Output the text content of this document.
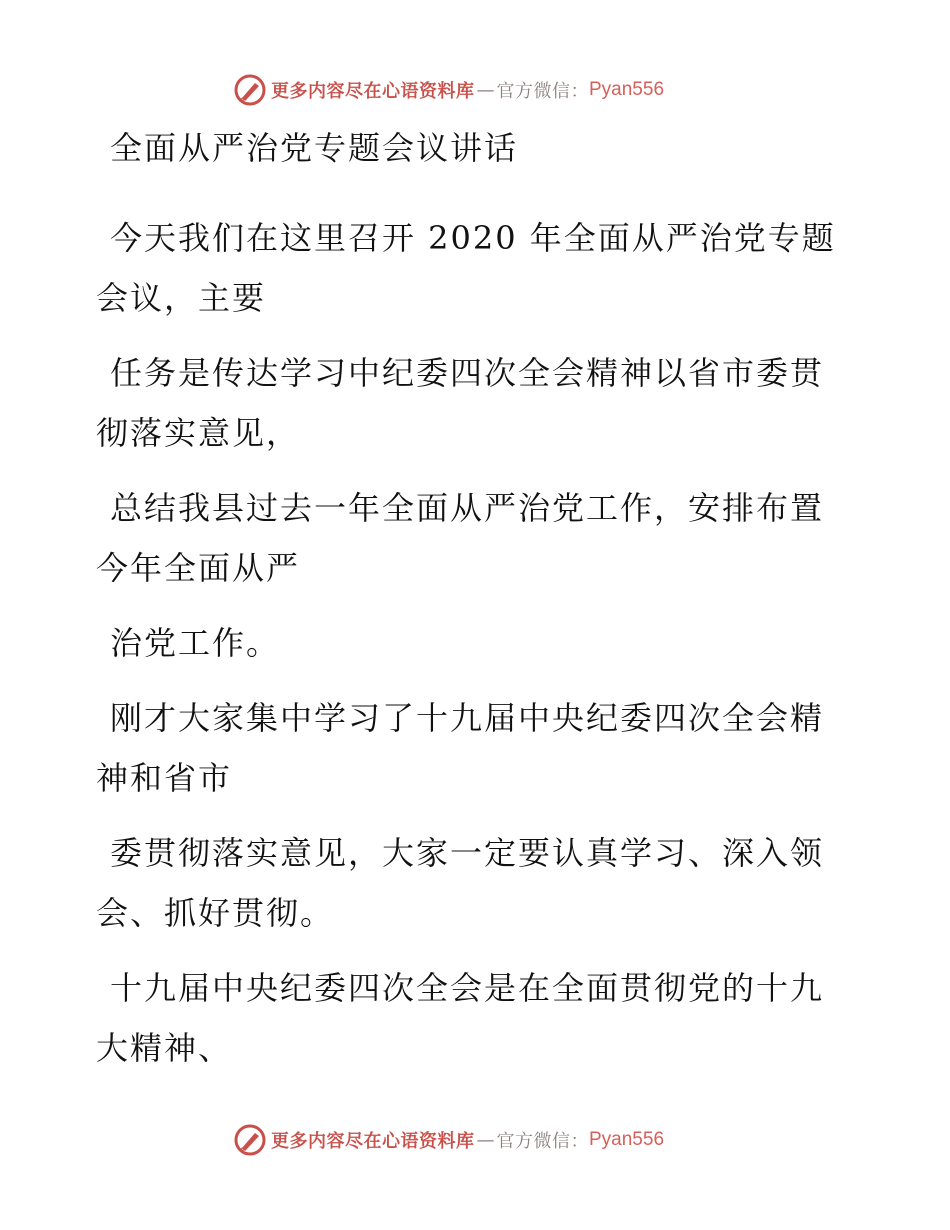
更多内容尽在心语资料库 — 官方微信： Pyan556

全面从严治党专题会议讲话

今天我们在这里召开 2020 年全面从严治党专题会议，主要

任务是传达学习中纪委四次全会精神以省市委贯彻落实意见，

总结我县过去一年全面从严治党工作，安排布置今年全面从严

治党工作。

刚才大家集中学习了十九届中央纪委四次全会精神和省市

委贯彻落实意见，大家一定要认真学习、深入领会、抓好贯彻。

十九届中央纪委四次全会是在全面贯彻党的十九大精神、

更多内容尽在心语资料库 — 官方微信： Pyan556
